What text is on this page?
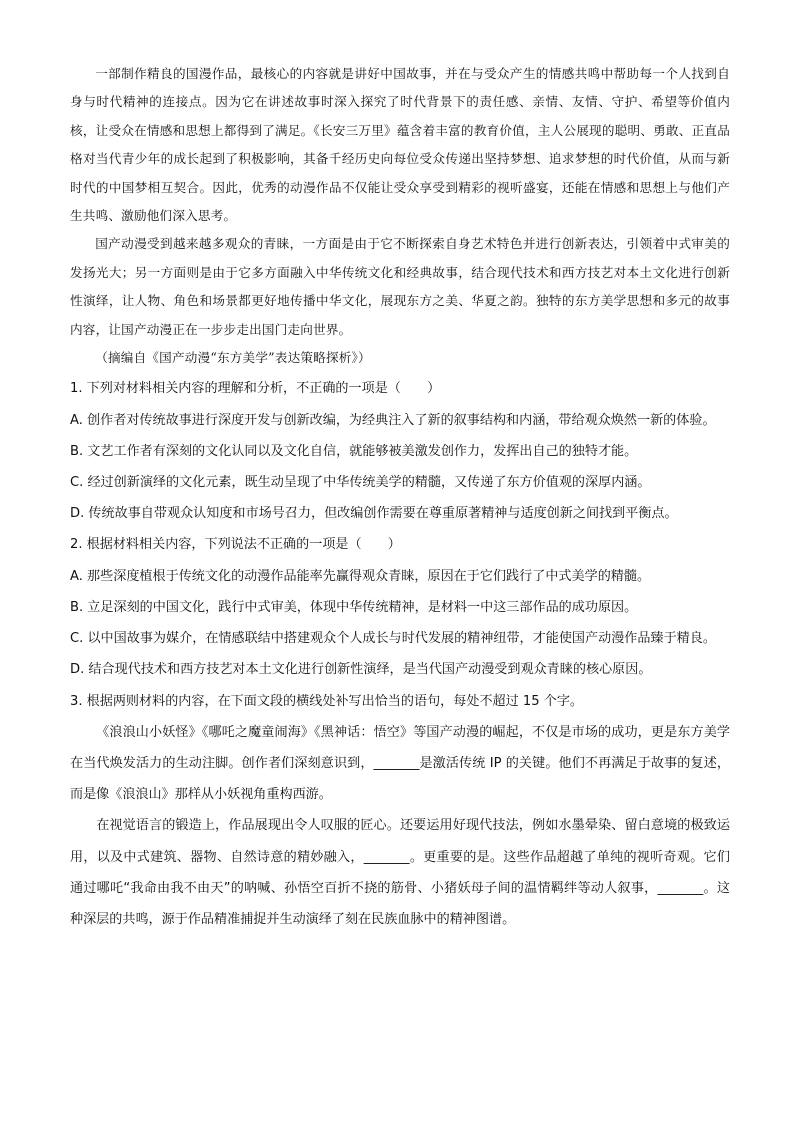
一部制作精良的国漫作品，最核心的内容就是讲好中国故事，并在与受众产生的情感共鸣中帮助每一个人找到自身与时代精神的连接点。因为它在讲述故事时深入探究了时代背景下的责任感、亲情、友情、守护、希望等价值内核，让受众在情感和思想上都得到了满足。《长安三万里》蕴含着丰富的教育价值，主人公展现的聪明、勇敢、正直品格对当代青少年的成长起到了积极影响，其备千经历史向每位受众传递出坚持梦想、追求梦想的时代价值，从而与新时代的中国梦相互契合。因此，优秀的动漫作品不仅能让受众享受到精彩的视听盛宴，还能在情感和思想上与他们产生共鸣、激励他们深入思考。

国产动漫受到越来越多观众的青睐，一方面是由于它不断探索自身艺术特色并进行创新表达，引领着中式审美的发扬光大；另一方面则是由于它多方面融入中华传统文化和经典故事，结合现代技术和西方技艺对本土文化进行创新性演绎，让人物、角色和场景都更好地传播中华文化，展现东方之美、华夏之韵。独特的东方美学思想和多元的故事内容，让国产动漫正在一步步走出国门走向世界。

（摘编自《国产动漫“东方美学”表达策略探析》）

1. 下列对材料相关内容的理解和分析，不正确的一项是（　　）

A. 创作者对传统故事进行深度开发与创新改编，为经典注入了新的叙事结构和内涵，带给观众焕然一新的体验。

B. 文艺工作者有深刻的文化认同以及文化自信，就能够被美激发创作力，发挥出自己的独特才能。

C. 经过创新演绎的文化元素，既生动呈现了中华传统美学的精髓，又传递了东方价值观的深厚内涵。

D. 传统故事自带观众认知度和市场号召力，但改编创作需要在尊重原著精神与适度创新之间找到平衡点。

2. 根据材料相关内容，下列说法不正确的一项是（　　）

A. 那些深度植根于传统文化的动漫作品能率先赢得观众青睐，原因在于它们践行了中式美学的精髓。

B. 立足深刻的中国文化，践行中式审美，体现中华传统精神，是材料一中这三部作品的成功原因。

C. 以中国故事为媒介，在情感联结中搭建观众个人成长与时代发展的精神纽带，才能使国产动漫作品臻于精良。

D. 结合现代技术和西方技艺对本土文化进行创新性演绎，是当代国产动漫受到观众青睐的核心原因。

3. 根据两则材料的内容，在下面文段的横线处补写出恰当的语句，每处不超过 15 个字。

《浪浪山小妖怪》《哪吒之魔童闹海》《黑神话：悟空》等国产动漫的崛起，不仅是市场的成功，更是东方美学在当代焕发活力的生动注脚。创作者们深刻意识到，_______是激活传统 IP 的关键。他们不再满足于故事的复述，而是像《浪浪山》那样从小妖视角重构西游。

在视觉语言的锻造上，作品展现出令人叹服的匠心。还要运用好现代技法，例如水墨晕染、留白意境的极致运用，以及中式建筑、器物、自然诗意的精妙融入，_______。更重要的是。这些作品超越了单纯的视听奇观。它们通过哪吒“我命由我不由天”的呐喊、孙悟空百折不挠的筋骨、小猪妖母子间的温情羁绊等动人叙事，_______。这种深层的共鸣，源于作品精准捕捉并生动演绎了刻在民族血脉中的精神图谱。
